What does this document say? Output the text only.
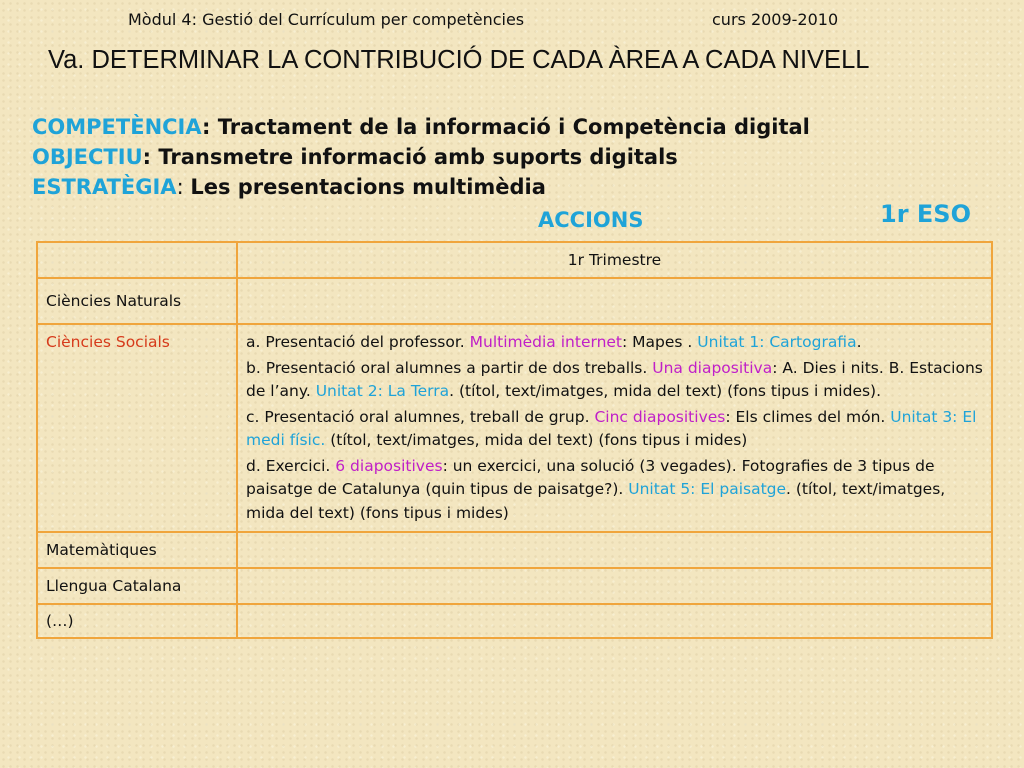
Mòdul 4: Gestió del Currículum per competències	curs 2009-2010
Va. DETERMINAR LA CONTRIBUCIÓ DE CADA ÀREA A CADA NIVELL
COMPETÈNCIA: Tractament de la informació i Competència digital
OBJECTIU: Transmetre informació amb suports digitals
ESTRATÈGIA: Les presentacions multimèdia
ACCIONS	1r ESO
	1r Trimestre
Ciències Naturals	
Ciències Socials	a. Presentació del professor. Multimèdia internet: Mapes . Unitat 1: Cartografia.

b. Presentació oral alumnes a partir de dos treballs. Una diapositiva: A. Dies i nits. B. Estacions de l’any. Unitat 2: La Terra. (títol, text/imatges, mida del text) (fons tipus i mides).

c. Presentació oral alumnes, treball de grup. Cinc diapositives: Els climes del món. Unitat 3: El medi físic. (títol, text/imatges, mida del text) (fons tipus i mides)

d. Exercici. 6 diapositives: un exercici, una solució (3 vegades). Fotografies de 3 tipus de paisatge de Catalunya (quin tipus de paisatge?). Unitat 5: El paisatge. (títol, text/imatges, mida del text) (fons tipus i mides)

Matemàtiques	
Llengua Catalana	
(…)	
